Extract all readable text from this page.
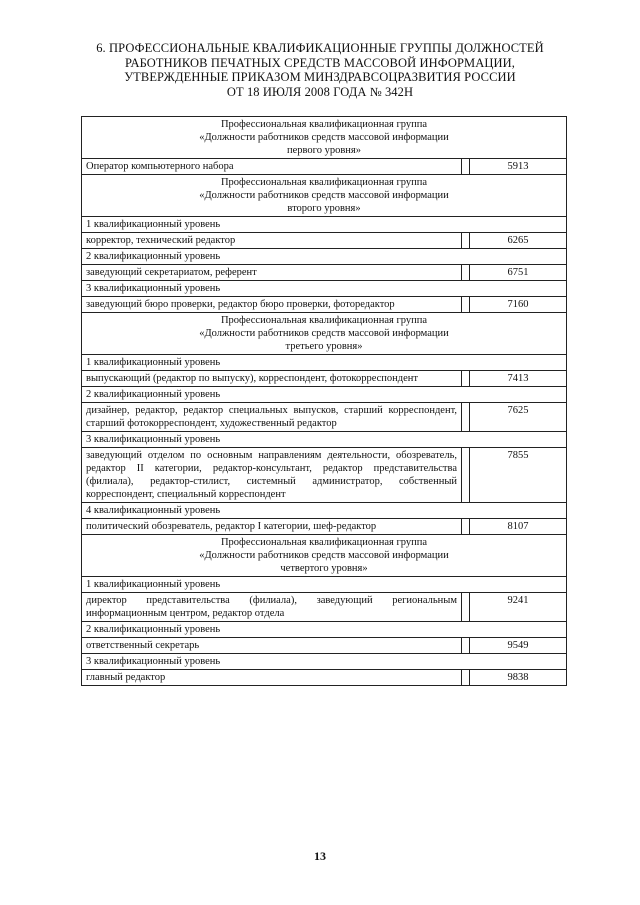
6. ПРОФЕССИОНАЛЬНЫЕ КВАЛИФИКАЦИОННЫЕ ГРУППЫ ДОЛЖНОСТЕЙ
РАБОТНИКОВ ПЕЧАТНЫХ СРЕДСТВ МАССОВОЙ ИНФОРМАЦИИ,
УТВЕРЖДЕННЫЕ ПРИКАЗОМ МИНЗДРАВСОЦРАЗВИТИЯ РОССИИ
ОТ 18 ИЮЛЯ 2008 ГОДА № 342Н
Профессиональная квалификационная группа
«Должности работников средств массовой информации
первого уровня»		

Оператор компьютерного набора		5913

Профессиональная квалификационная группа
«Должности работников средств массовой информации
второго уровня»		

1 квалификационный уровень		
корректор, технический редактор		6265
2 квалификационный уровень		
заведующий секретариатом, референт		6751
3 квалификационный уровень		
заведующий бюро проверки, редактор бюро проверки, фоторедактор		7160

Профессиональная квалификационная группа
«Должности работников средств массовой информации
третьего уровня»		

1 квалификационный уровень		
выпускающий (редактор по выпуску), корреспондент, фотокорреспондент		7413
2 квалификационный уровень		
дизайнер, редактор, редактор специальных выпусков, старший корреспондент, старший фотокорреспондент, художественный редактор		7625
3 квалификационный уровень		
заведующий отделом по основным направлениям деятельности, обозреватель, редактор II категории, редактор-консультант, редактор представительства (филиала), редактор-стилист, системный администратор, собственный корреспондент, специальный корреспондент		7855
4 квалификационный уровень		
политический обозреватель, редактор I категории, шеф-редактор		8107

Профессиональная квалификационная группа
«Должности работников средств массовой информации
четвертого уровня»		

1 квалификационный уровень		
директор представительства (филиала), заведующий региональным информационным центром, редактор отдела		9241
2 квалификационный уровень		
ответственный секретарь		9549
3 квалификационный уровень		
главный редактор		9838
13
